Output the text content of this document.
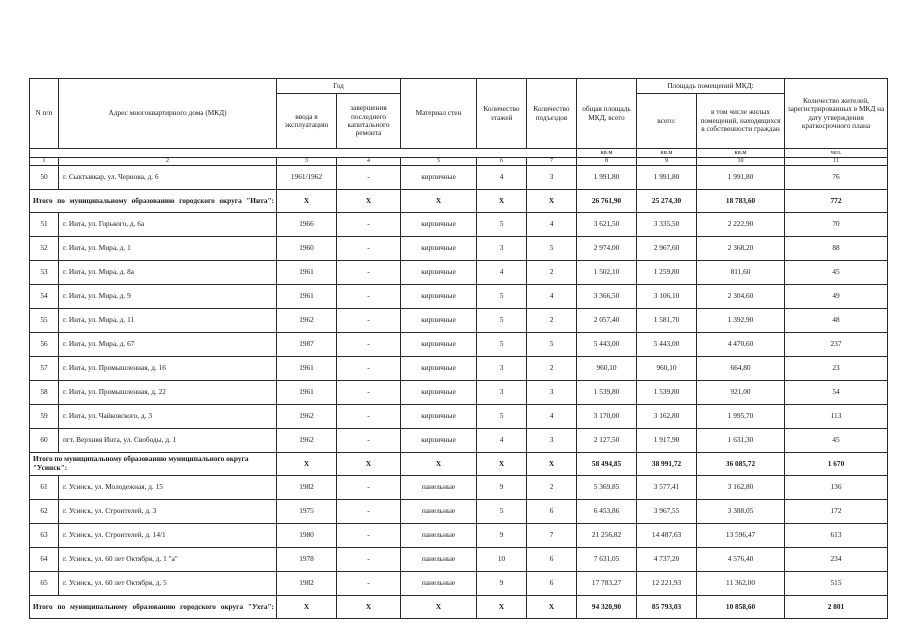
N п/п	Адрес многоквартирного дома (МКД)	Год		Материал стен	Количество этажей	Количество подъездов	общая площадь МКД, всего	Площадь помещений МКД:		Количество жителей, зарегистрированных в МКД на дату утверждения краткосрочного плана
		ввода в эксплуатацию	завершения последнего капитального ремонта					всего:	в том числе жилых помещений, находящихся в собственности граждан	
							кв.м	кв.м	кв.м	чел.
1	2	3	4	5	6	7	8	9	10	11
50	г. Сыктывкар, ул. Чернова, д. 6	1961/1962	-	кирпичные	4	3	1 991,80	1 991,80	1 991,80	76
Итого по муниципальному образованию городского округа "Инта":		X	X	X	X	X	26 761,90	25 274,30	18 783,60	772
51	г. Инта, ул. Горького, д. 6а	1966	-	кирпичные	5	4	3 621,50	3 335,50	2 222,90	70
52	г. Инта, ул. Мира, д. 1	1960	-	кирпичные	3	5	2 974,00	2 967,60	2 368,20	88
53	г. Инта, ул. Мира, д. 8а	1961	-	кирпичные	4	2	1 502,10	1 259,80	811,60	45
54	г. Инта, ул. Мира, д. 9	1961	-	кирпичные	5	4	3 366,50	3 106,10	2 304,60	49
55	г. Инта, ул. Мира, д. 11	1962	-	кирпичные	5	2	2 057,40	1 581,70	1 392,90	48
56	г. Инта, ул. Мира, д. 67	1987	-	кирпичные	5	5	5 443,00	5 443,00	4 470,60	237
57	г. Инта, ул. Промышленная, д. 16	1961	-	кирпичные	3	2	960,10	960,10	664,80	23
58	г. Инта, ул. Промышленная, д. 22	1961	-	кирпичные	3	3	1 539,80	1 539,80	921,00	54
59	г. Инта, ул. Чайковского, д. 3	1962	-	кирпичные	5	4	3 170,00	3 162,80	1 995,70	113
60	пгт. Верхняя Инта, ул. Свободы, д. 1	1962	-	кирпичные	4	3	2 127,50	1 917,90	1 631,30	45
Итого по муниципальному образованию муниципального округа "Усинск":		X	X	X	X	X	58 494,85	38 991,72	36 085,72	1 670
61	г. Усинск, ул. Молодежная, д. 15	1982	-	панельные	9	2	5 369,85	3 577,41	3 162,80	136
62	г. Усинск, ул. Строителей, д. 3	1975	-	панельные	5	6	6 453,86	3 967,55	3 388,05	172
63	г. Усинск, ул. Строителей, д. 14/1	1980	-	панельные	9	7	21 256,82	14 487,63	13 596,47	613
64	г. Усинск, ул. 60 лет Октября, д. 1 "а"	1978	-	панельные	10	6	7 631,05	4 737,20	4 576,40	234
65	г. Усинск, ул. 60 лет Октября, д. 5	1982	-	панельные	9	6	17 783,27	12 221,93	11 362,00	515
Итого по муниципальному образованию городского округа "Ухта":		X	X	X	X	X	94 320,90	85 793,03	10 858,60	2 801
